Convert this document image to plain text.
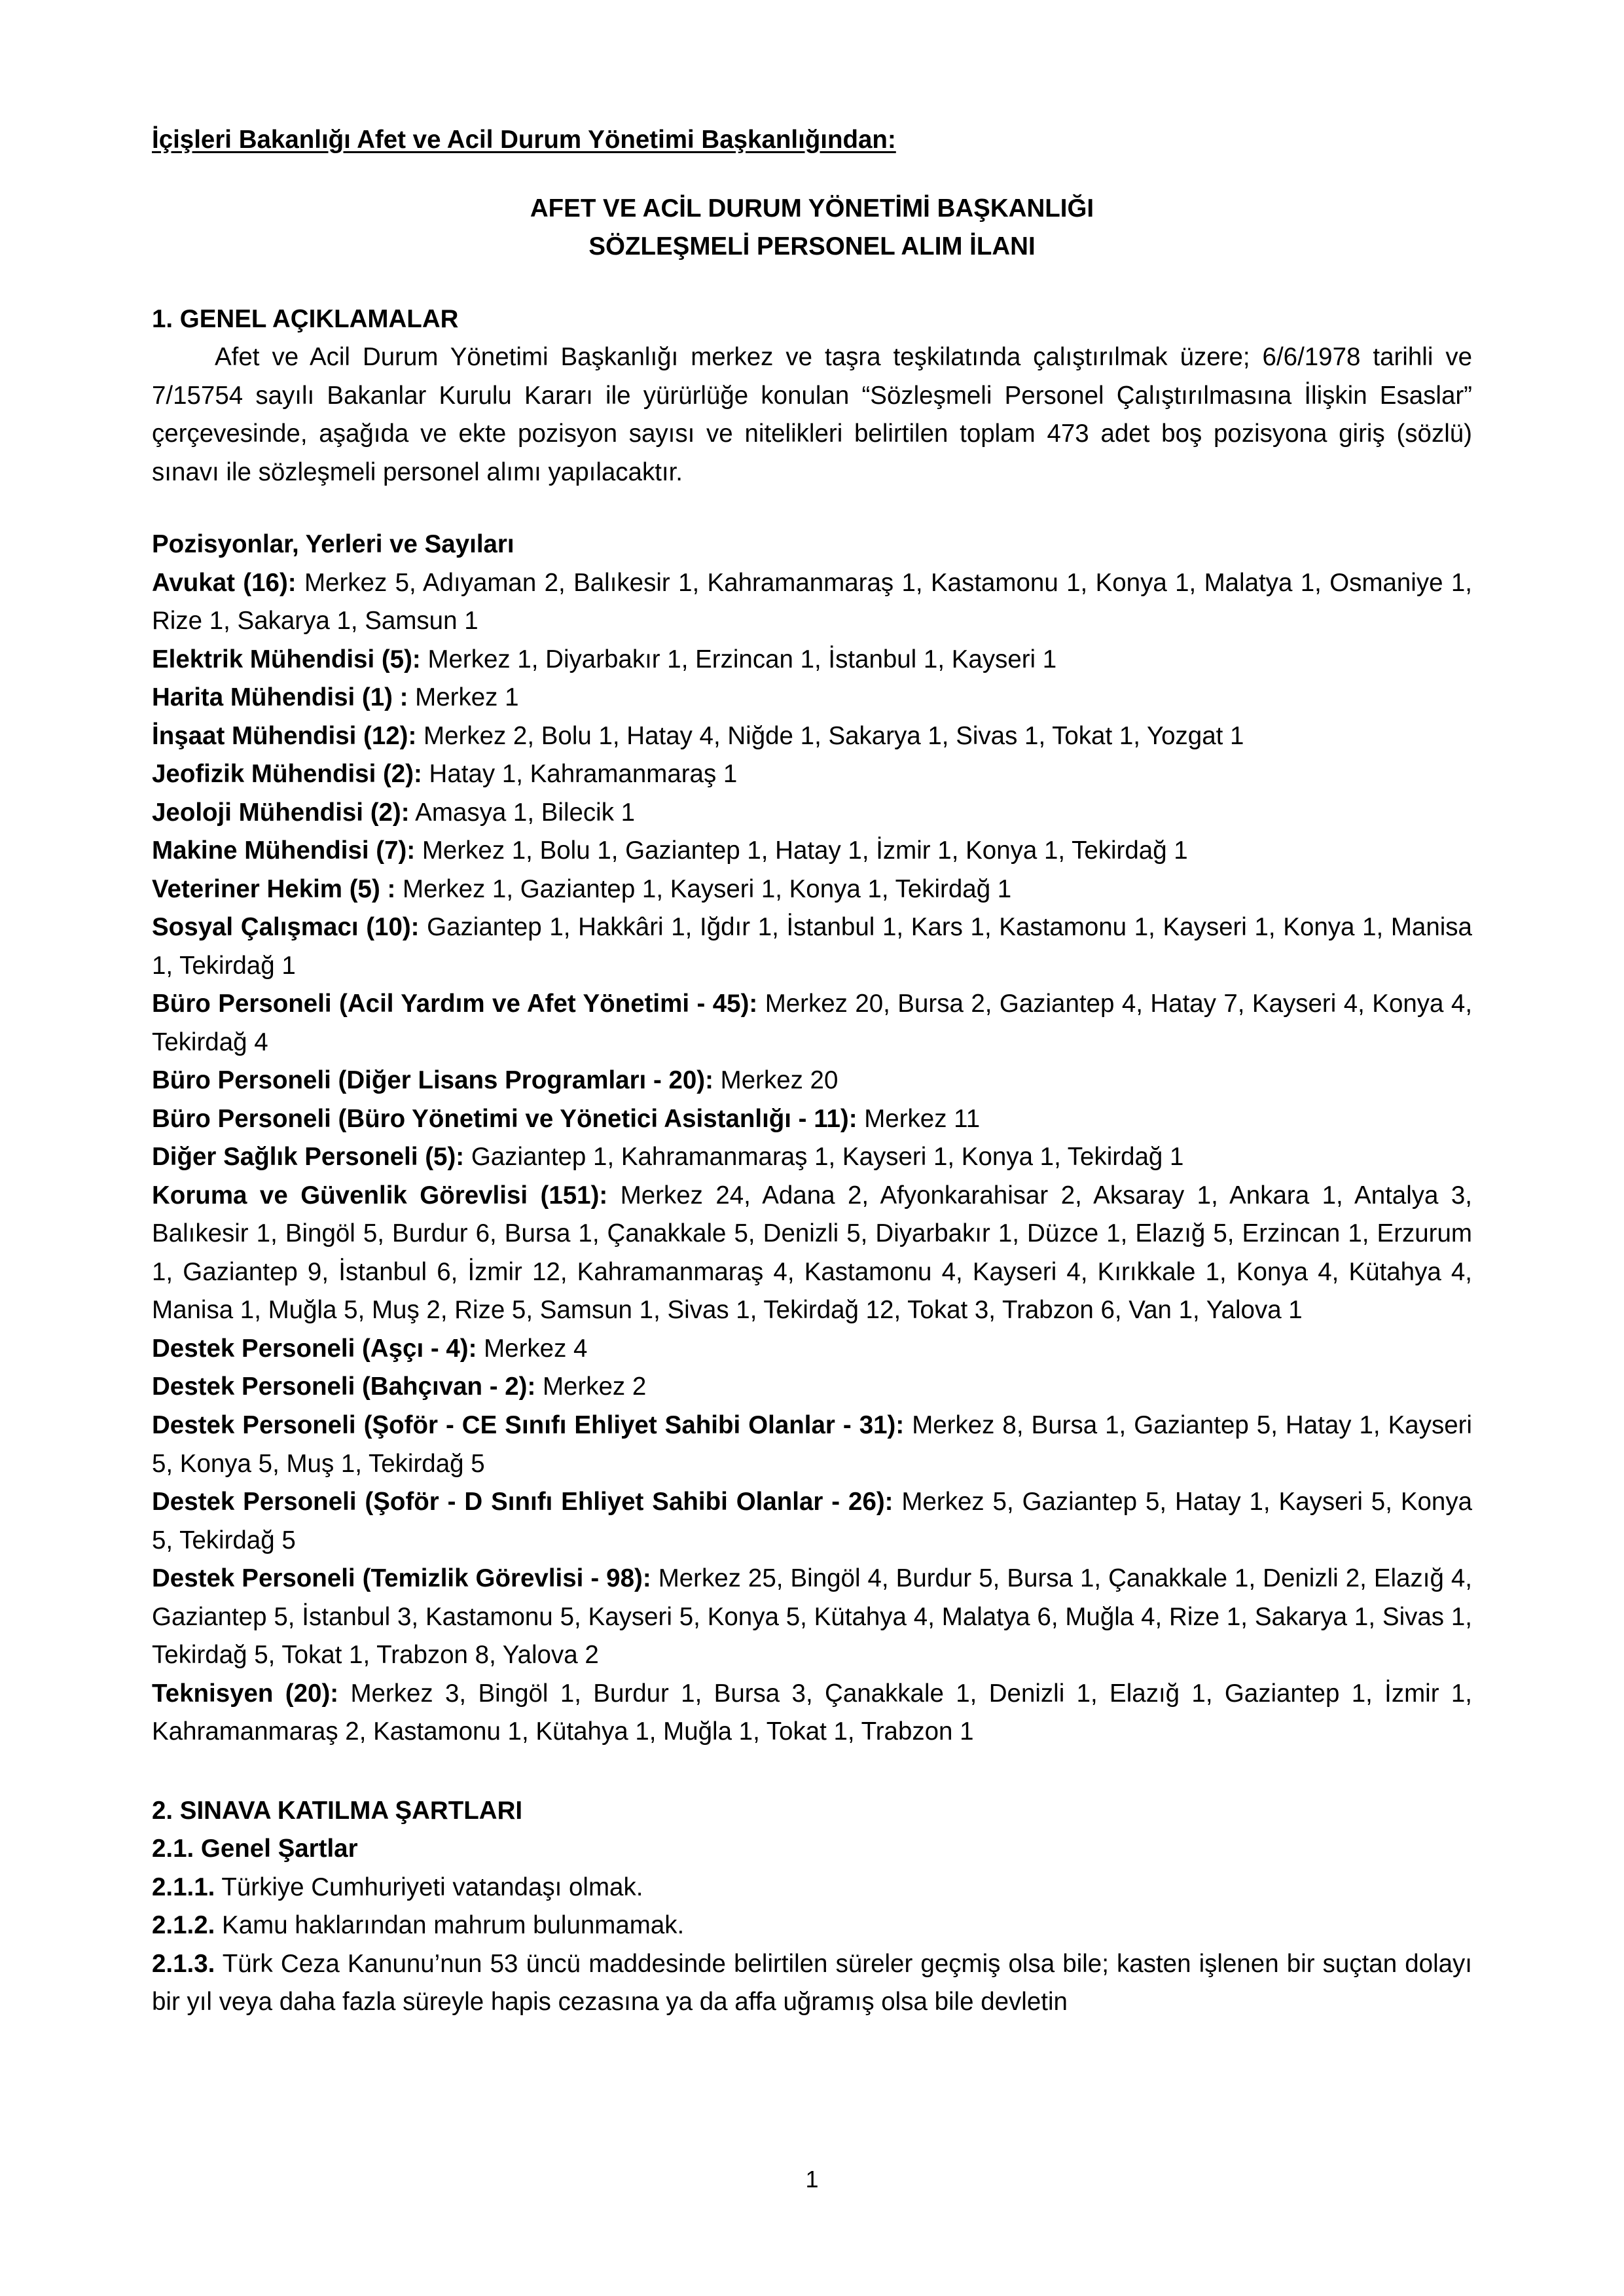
İçişleri Bakanlığı Afet ve Acil Durum Yönetimi Başkanlığından:
AFET VE ACİL DURUM YÖNETİMİ BAŞKANLIĞI
SÖZLEŞMELİ PERSONEL ALIM İLANI
1. GENEL AÇIKLAMALAR
Afet ve Acil Durum Yönetimi Başkanlığı merkez ve taşra teşkilatında çalıştırılmak üzere; 6/6/1978 tarihli ve 7/15754 sayılı Bakanlar Kurulu Kararı ile yürürlüğe konulan “Sözleşmeli Personel Çalıştırılmasına İlişkin Esaslar” çerçevesinde, aşağıda ve ekte pozisyon sayısı ve nitelikleri belirtilen toplam 473 adet boş pozisyona giriş (sözlü) sınavı ile sözleşmeli personel alımı yapılacaktır.
Pozisyonlar, Yerleri ve Sayıları
Avukat (16): Merkez 5, Adıyaman 2, Balıkesir 1, Kahramanmaraş 1, Kastamonu 1, Konya 1, Malatya 1, Osmaniye 1, Rize 1, Sakarya 1, Samsun 1
Elektrik Mühendisi (5): Merkez 1, Diyarbakır 1, Erzincan 1, İstanbul 1, Kayseri 1
Harita Mühendisi (1) : Merkez 1
İnşaat Mühendisi (12): Merkez 2, Bolu 1, Hatay 4, Niğde 1, Sakarya 1, Sivas 1, Tokat 1, Yozgat 1
Jeofizik Mühendisi (2): Hatay 1, Kahramanmaraş 1
Jeoloji Mühendisi (2): Amasya 1, Bilecik 1
Makine Mühendisi (7): Merkez 1, Bolu 1, Gaziantep 1, Hatay 1, İzmir 1, Konya 1, Tekirdağ 1
Veteriner Hekim (5) : Merkez 1, Gaziantep 1, Kayseri 1, Konya 1, Tekirdağ 1
Sosyal Çalışmacı (10): Gaziantep 1, Hakkâri 1, Iğdır 1, İstanbul 1, Kars 1, Kastamonu 1, Kayseri 1, Konya 1, Manisa 1, Tekirdağ 1
Büro Personeli (Acil Yardım ve Afet Yönetimi - 45): Merkez 20, Bursa 2, Gaziantep 4, Hatay 7, Kayseri 4, Konya 4, Tekirdağ 4
Büro Personeli (Diğer Lisans Programları - 20): Merkez 20
Büro Personeli (Büro Yönetimi ve Yönetici Asistanlığı - 11): Merkez 11
Diğer Sağlık Personeli (5): Gaziantep 1, Kahramanmaraş 1, Kayseri 1, Konya 1, Tekirdağ 1
Koruma ve Güvenlik Görevlisi (151): Merkez 24, Adana 2, Afyonkarahisar 2, Aksaray 1, Ankara 1, Antalya 3, Balıkesir 1, Bingöl 5, Burdur 6, Bursa 1, Çanakkale 5, Denizli 5, Diyarbakır 1, Düzce 1, Elazığ 5, Erzincan 1, Erzurum 1, Gaziantep 9, İstanbul 6, İzmir 12, Kahramanmaraş 4, Kastamonu 4, Kayseri 4, Kırıkkale 1, Konya 4, Kütahya 4, Manisa 1, Muğla 5, Muş 2, Rize 5, Samsun 1, Sivas 1, Tekirdağ 12, Tokat 3, Trabzon 6, Van 1, Yalova 1
Destek Personeli (Aşçı - 4): Merkez 4
Destek Personeli (Bahçıvan - 2): Merkez 2
Destek Personeli (Şoför - CE Sınıfı Ehliyet Sahibi Olanlar - 31): Merkez 8, Bursa 1, Gaziantep 5, Hatay 1, Kayseri 5, Konya 5, Muş 1, Tekirdağ 5
Destek Personeli (Şoför - D Sınıfı Ehliyet Sahibi Olanlar - 26): Merkez 5, Gaziantep 5, Hatay 1, Kayseri 5, Konya 5, Tekirdağ 5
Destek Personeli (Temizlik Görevlisi - 98): Merkez 25, Bingöl 4, Burdur 5, Bursa 1, Çanakkale 1, Denizli 2, Elazığ 4, Gaziantep 5, İstanbul 3, Kastamonu 5, Kayseri 5, Konya 5, Kütahya 4, Malatya 6, Muğla 4, Rize 1, Sakarya 1, Sivas 1, Tekirdağ 5, Tokat 1, Trabzon 8, Yalova 2
Teknisyen (20): Merkez 3, Bingöl 1, Burdur 1, Bursa 3, Çanakkale 1, Denizli 1, Elazığ 1, Gaziantep 1, İzmir 1, Kahramanmaraş 2, Kastamonu 1, Kütahya 1, Muğla 1, Tokat 1, Trabzon 1
2. SINAVA KATILMA ŞARTLARI
2.1. Genel Şartlar
2.1.1. Türkiye Cumhuriyeti vatandaşı olmak.
2.1.2. Kamu haklarından mahrum bulunmamak.
2.1.3. Türk Ceza Kanunu’nun 53 üncü maddesinde belirtilen süreler geçmiş olsa bile; kasten işlenen bir suçtan dolayı bir yıl veya daha fazla süreyle hapis cezasına ya da affa uğramış olsa bile devletin
1
